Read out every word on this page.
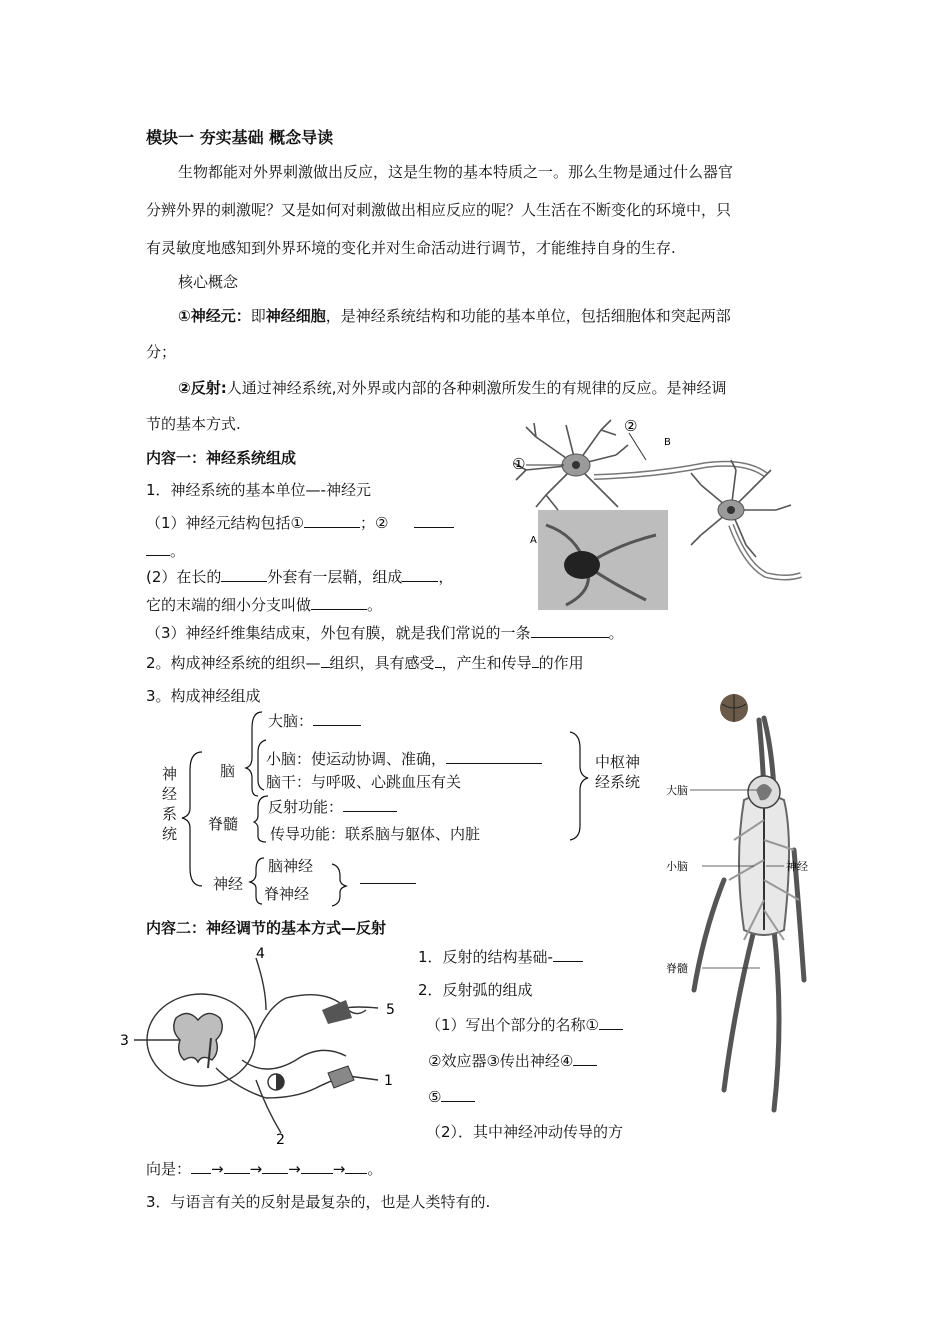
模块一 夯实基础 概念导读
生物都能对外界刺激做出反应，这是生物的基本特质之一。那么生物是通过什么器官
分辨外界的刺激呢？又是如何对刺激做出相应反应的呢？人生活在不断变化的环境中，只
有灵敏度地感知到外界环境的变化并对生命活动进行调节，才能维持自身的生存.
核心概念
①神经元：即神经细胞，是神经系统结构和功能的基本单位，包括细胞体和突起两部
分；
②反射:人通过神经系统,对外界或内部的各种刺激所发生的有规律的反应。是神经调
节的基本方式.
内容一：神经系统组成
1．神经系统的基本单位—-神经元
（1）神经元结构包括①	；②
。
(2）在长的	外套有一层鞘，组成 ，
它的末端的细小分支叫做	。
（3）神经纤维集结成束，外包有膜，就是我们常说的一条	。
2。构成神经系统的组织— 组织，具有感受 ，产生和传导 的作用
3。构成神经组成
①
②
A
B
大脑：
脑
小脑：使运动协调、准确，
脑干：与呼吸、心跳血压有关
神
经
系
统
中枢神
经系统
脊髓
反射功能：
传导功能：联系脑与躯体、内脏
神经
脑神经
脊神经
大脑
小脑	神经
脊髓
内容二：神经调节的基本方式—反射
1．反射的结构基础-
2．反射弧的组成
（1）写出个部分的名称①
②效应器③传出神经④
⑤
（2）．其中神经冲动传导的方
向是： → → → → 。
3．与语言有关的反射是最复杂的，也是人类特有的.
3
4
5
1
2
